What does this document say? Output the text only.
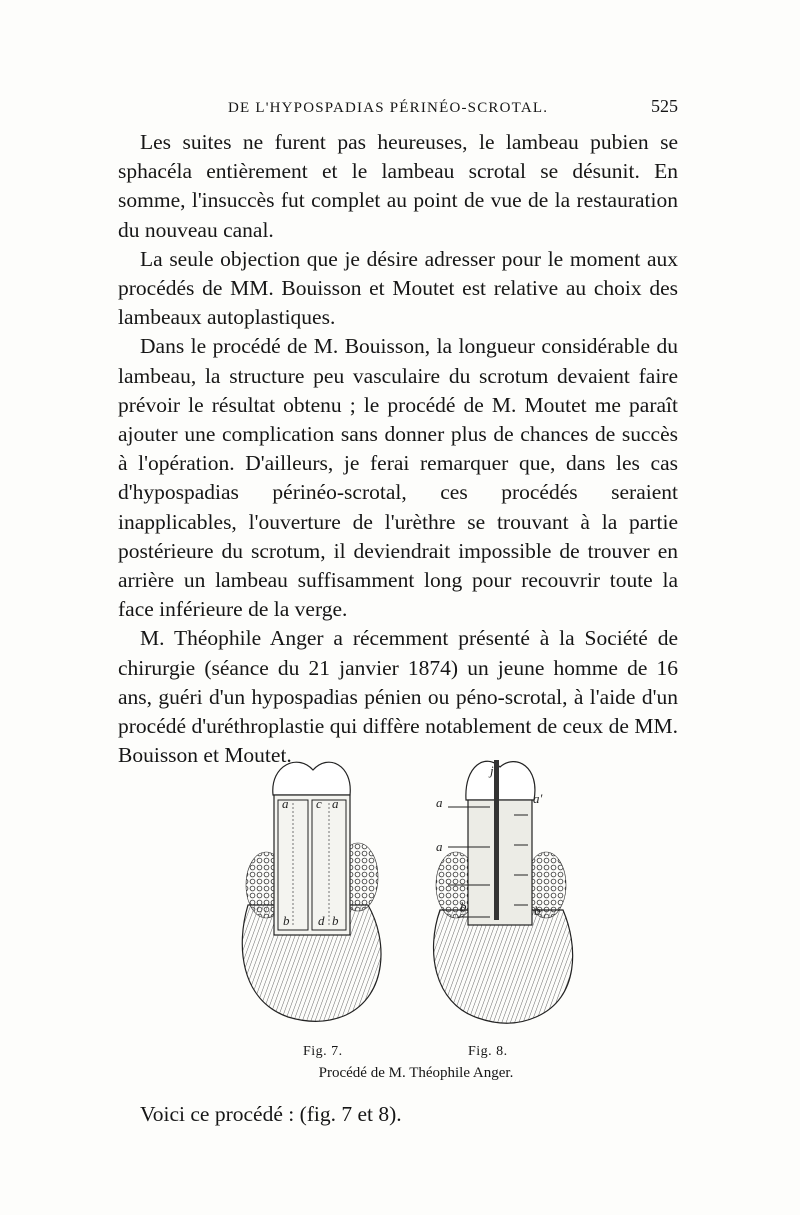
DE L'HYPOSPADIAS PÉRINÉO-SCROTAL.	525

Les suites ne furent pas heureuses, le lambeau pubien se sphacéla entièrement et le lambeau scrotal se désunit. En somme, l'insuccès fut complet au point de vue de la restauration du nouveau canal.

La seule objection que je désire adresser pour le moment aux procédés de MM. Bouisson et Moutet est relative au choix des lambeaux autoplastiques.

Dans le procédé de M. Bouisson, la longueur considérable du lambeau, la structure peu vasculaire du scrotum devaient faire prévoir le résultat obtenu ; le procédé de M. Moutet me paraît ajouter une complication sans donner plus de chances de succès à l'opération. D'ailleurs, je ferai remarquer que, dans les cas d'hypospadias périnéo-scrotal, ces procédés seraient inapplicables, l'ouverture de l'urèthre se trouvant à la partie postérieure du scrotum, il deviendrait impossible de trouver en arrière un lambeau suffisamment long pour recouvrir toute la face inférieure de la verge.

M. Théophile Anger a récemment présenté à la Société de chirurgie (séance du 21 janvier 1874) un jeune homme de 16 ans, guéri d'un hypospadias pénien ou péno-scrotal, à l'aide d'un procédé d'uréthroplastie qui diffère notablement de ceux de MM. Bouisson et Moutet.

a c a
b d b
j
a	a'
a
b	b
Fig. 7.	Fig. 8.
Procédé de M. Théophile Anger.
Voici ce procédé : (fig. 7 et 8).
